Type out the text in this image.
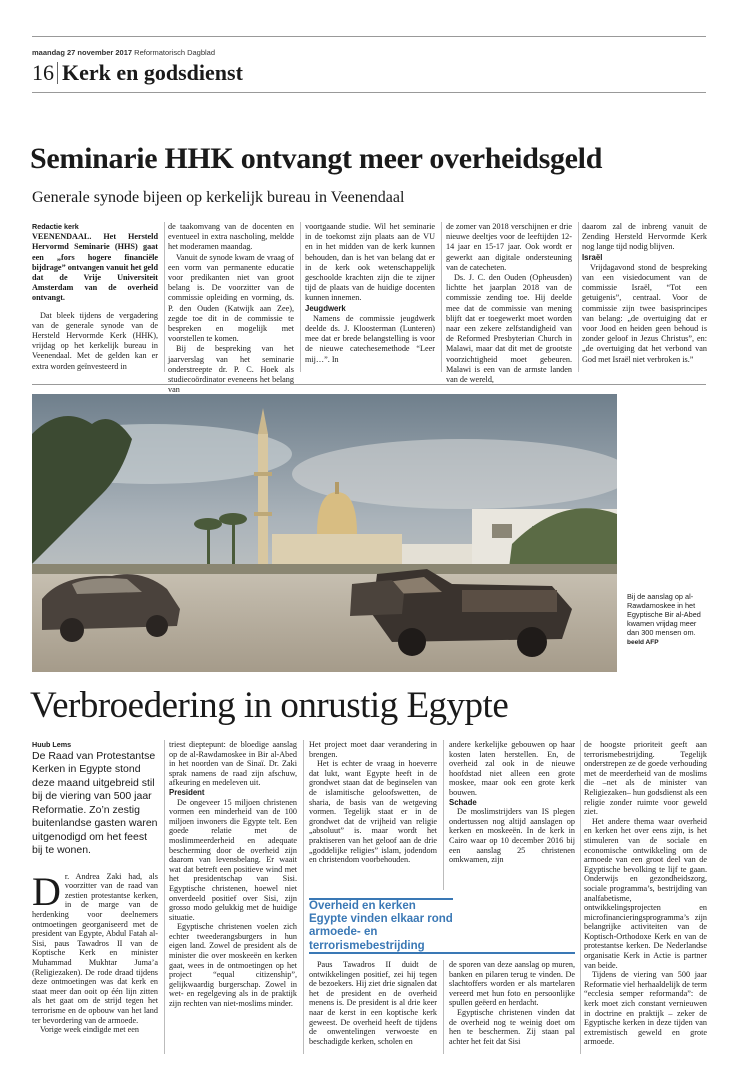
maandag 27 november 2017 Reformatorisch Dagblad
16 Kerk en godsdienst
Seminarie HHK ontvangt meer overheidsgeld
Generale synode bijeen op kerkelijk bureau in Veenendaal

Redactie kerk

VEENENDAAL. Het Hersteld Hervormd Seminarie (HHS) gaat een „fors hogere financiële bijdrage” ontvangen vanuit het geld dat de Vrije Universiteit Amsterdam van de overheid ontvangt.

Dat bleek tijdens de vergadering van de generale synode van de Hersteld Hervormde Kerk (HHK), vrijdag op het kerkelijk bureau in Veenendaal. Met de gelden kan er extra worden geïnvesteerd in

de taakomvang van de docenten en eventueel in extra nascholing, meldde het moderamen maandag.

Vanuit de synode kwam de vraag of een vorm van permanente educatie voor predikanten niet van groot belang is. De voorzitter van de commissie opleiding en vorming, ds. P. den Ouden (Katwijk aan Zee), zegde toe dit in de commissie te bespreken en mogelijk met voorstellen te komen.

Bij de bespreking van het jaarverslag van het seminarie onderstreepte dr. P. C. Hoek als studiecoördinator eveneens het belang van

voortgaande studie. Wil het seminarie in de toekomst zijn plaats aan de VU en in het midden van de kerk kunnen behouden, dan is het van belang dat er in de kerk ook wetenschappelijk geschoolde krachten zijn die te zijner tijd de plaats van de huidige docenten kunnen innemen.

Jeugdwerk

Namens de commissie jeugdwerk deelde ds. J. Kloosterman (Lunteren) mee dat er brede belangstelling is voor de nieuwe catechesemethode “Leer mij…”. In

de zomer van 2018 verschijnen er drie nieuwe deeltjes voor de leeftijden 12-14 jaar en 15-17 jaar. Ook wordt er gewerkt aan digitale ondersteuning van de catecheten.

Ds. J. C. den Ouden (Opheusden) lichtte het jaarplan 2018 van de commissie zending toe. Hij deelde mee dat de commissie van mening blijft dat er toegewerkt moet worden naar een zekere zelfstandigheid van de Reformed Presbyterian Church in Malawi, maar dat dit met de grootste voorzichtigheid moet gebeuren. Malawi is een van de armste landen van de wereld,

daarom zal de inbreng vanuit de Zending Hersteld Hervormde Kerk nog lange tijd nodig blijven.

Israël

Vrijdagavond stond de bespreking van een visiedocument van de commissie Israël, “Tot een getuigenis”, centraal. Voor de commissie zijn twee basisprincipes van belang: „de overtuiging dat er voor Jood en heiden geen behoud is zonder geloof in Jezus Christus”, en: „de overtuiging dat het verbond van God met Israël niet verbroken is.”

Bij de aanslag op al-Rawdamoskee in het Egyptische Bir al-Abed kwamen vrijdag meer dan 300 mensen om. beeld AFP
Verbroedering in onrustig Egypte

Huub Lems

De Raad van Protestantse Kerken in Egypte stond deze maand uitgebreid stil bij de viering van 500 jaar Reformatie. Zo’n zestig buitenlandse gasten waren uitgenodigd om het feest bij te wonen.
D r. Andrea Zaki had, als voorzitter van de raad van zestien protestantse kerken, in de marge van de herdenking voor deelnemers ontmoetingen georganiseerd met de president van Egypte, Abdul Fatah al-Sisi, paus Tawadros II van de Koptische Kerk en minister Muhammad Mukhtar Juma’a (Religiezaken). De rode draad tijdens deze ontmoetingen was dat kerk en staat meer dan ooit op één lijn zitten als het gaat om de strijd tegen het terrorisme en de opbouw van het land ter bevordering van de armoede.

Vorige week eindigde met een

triest dieptepunt: de bloedige aanslag op de al-Rawdamoskee in Bir al-Abed in het noorden van de Sinaï. Dr. Zaki sprak namens de raad zijn afschuw, afkeuring en medeleven uit.

President

De ongeveer 15 miljoen christenen vormen een minderheid van de 100 miljoen inwoners die Egypte telt. Een goede relatie met de moslimmeerderheid en adequate bescherming door de overheid zijn daarom van levensbelang. Er waait wat dat betreft een positieve wind met het presidentschap van Sisi. Egyptische christenen, hoewel niet onverdeeld positief over Sisi, zijn grosso modo gelukkig met de huidige situatie.

Egyptische christenen voelen zich echter tweederangsburgers in hun eigen land. Zowel de president als de minister die over moskeeën en kerken gaat, wees in de ontmoetingen op het project “equal citizenship”, gelijkwaardig burgerschap. Zowel in wet- en regelgeving als in de praktijk zijn rechten van niet-moslims minder.

Het project moet daar verandering in brengen.

Het is echter de vraag in hoeverre dat lukt, want Egypte heeft in de grondwet staan dat de beginselen van de islamitische geloofswetten, de sharia, de basis van de wetgeving vormen. Tegelijk staat er in de grondwet dat de vrijheid van religie „absoluut” is. maar wordt het praktiseren van het geloof aan de drie „goddelijke religies” islam, jodendom en christendom voorbehouden.

andere kerkelijke gebouwen op haar kosten laten herstellen. En, de overheid zal ook in de nieuwe hoofdstad niet alleen een grote moskee, maar ook een grote kerk bouwen.

Schade

De moslimstrijders van IS plegen ondertussen nog altijd aanslagen op kerken en moskeeën. In de kerk in Cairo waar op 10 december 2016 bij een aanslag 25 christenen omkwamen, zijn

Overheid en kerken Egypte vinden elkaar rond armoede- en terrorismebestrijding

Paus Tawadros II duidt de ontwikkelingen positief, zei hij tegen de bezoekers. Hij ziet drie signalen dat het de president en de overheid menens is. De president is al drie keer naar de kerst in een koptische kerk geweest. De overheid heeft de tijdens de onwentelingen verwoeste en beschadigde kerken, scholen en

de sporen van deze aanslag op muren, banken en pilaren terug te vinden. De slachtoffers worden er als martelaren vereerd met hun foto en persoonlijke spullen geëerd en herdacht.

Egyptische christenen vinden dat de overheid nog te weinig doet om hen te beschermen. Zij staan pal achter het feit dat Sisi

de hoogste prioriteit geeft aan terrorismebestrijding. Tegelijk onderstrepen ze de goede verhouding met de meerderheid van de moslims die –net als de minister van Religiezaken– hun godsdienst als een religie zonder ruimte voor geweld ziet.

Het andere thema waar overheid en kerken het over eens zijn, is het stimuleren van de sociale en economische ontwikkeling om de armoede van een groot deel van de Egyptische bevolking te lijf te gaan. Onderwijs en gezondheidszorg, sociale programma’s, bestrijding van analfabetisme, ontwikkelingsprojecten en microfinancieringsprogramma’s zijn belangrijke activiteiten van de Koptisch-Orthodoxe Kerk en van de protestantse kerken. De Nederlandse organisatie Kerk in Actie is partner van beide.

Tijdens de viering van 500 jaar Reformatie viel herhaaldelijk de term “ecclesia semper reformanda”: de kerk moet zich constant vernieuwen in doctrine en praktijk – zeker de Egyptische kerken in deze tijden van extremistisch geweld en grote armoede.
